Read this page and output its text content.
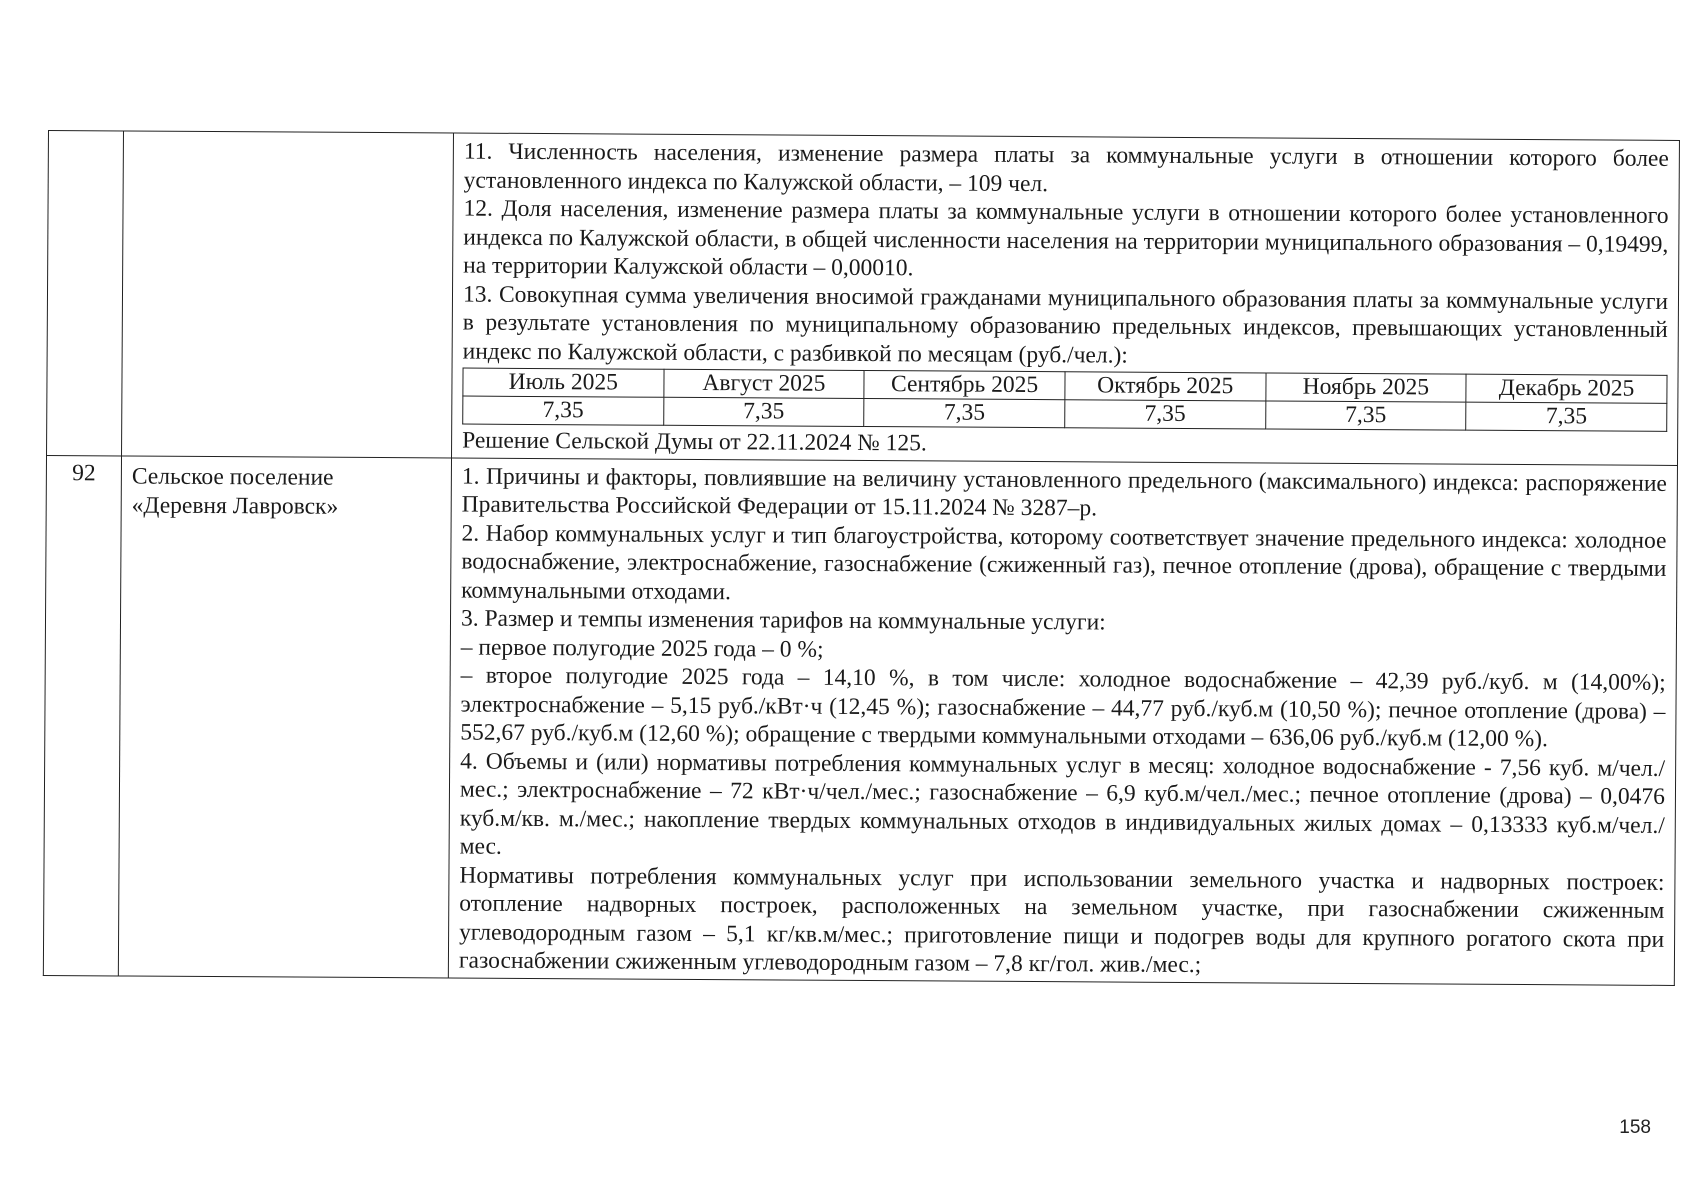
11. Численность населения, изменение размера платы за коммунальные услуги в отношении которого более установленного индекса по Калужской области, – 109 чел.

12. Доля населения, изменение размера платы за коммунальные услуги в отношении которого более установленного индекса по Калужской области, в общей численности населения на территории муниципального образования – 0,19499, на территории Калужской области – 0,00010.

13. Совокупная сумма увеличения вносимой гражданами муниципального образования платы за коммунальные услуги в результате установления по муниципальному образованию предельных индексов, превышающих установленный индекс по Калужской области, с разбивкой по месяцам (руб./чел.):

Июль 2025	Август 2025	Сентябрь 2025	Октябрь 2025	Ноябрь 2025	Декабрь 2025
7,35	7,35	7,35	7,35	7,35	7,35

Решение Сельской Думы от 22.11.2024 № 125.

92	Сельское поселение
«Деревня Лавровск»

1. Причины и факторы, повлиявшие на величину установленного предельного (максимального) индекса: распоряжение Правительства Российской Федерации от 15.11.2024 № 3287–р.

2. Набор коммунальных услуг и тип благоустройства, которому соответствует значение предельного индекса: холодное водоснабжение, электроснабжение, газоснабжение (сжиженный газ), печное отопление (дрова), обращение с твердыми коммунальными отходами.

3. Размер и темпы изменения тарифов на коммунальные услуги:

– первое полугодие 2025 года – 0 %;

– второе полугодие 2025 года – 14,10 %, в том числе: холодное водоснабжение – 42,39 руб./куб. м (14,00%); электроснабжение – 5,15 руб./кВт·ч (12,45 %); газоснабжение – 44,77 руб./куб.м (10,50 %); печное отопление (дрова) – 552,67 руб./куб.м (12,60 %); обращение с твердыми коммунальными отходами – 636,06 руб./куб.м (12,00 %).

4. Объемы и (или) нормативы потребления коммунальных услуг в месяц: холодное водоснабжение - 7,56 куб. м/чел./мес.; электроснабжение – 72 кВт·ч/чел./мес.; газоснабжение – 6,9 куб.м/чел./мес.; печное отопление (дрова) – 0,0476 куб.м/кв. м./мес.; накопление твердых коммунальных отходов в индивидуальных жилых домах – 0,13333 куб.м/чел./мес.

Нормативы потребления коммунальных услуг при использовании земельного участка и надворных построек: отопление надворных построек, расположенных на земельном участке, при газоснабжении сжиженным углеводородным газом – 5,1 кг/кв.м/мес.; приготовление пищи и подогрев воды для крупного рогатого скота при газоснабжении сжиженным углеводородным газом – 7,8 кг/гол. жив./мес.;

158
